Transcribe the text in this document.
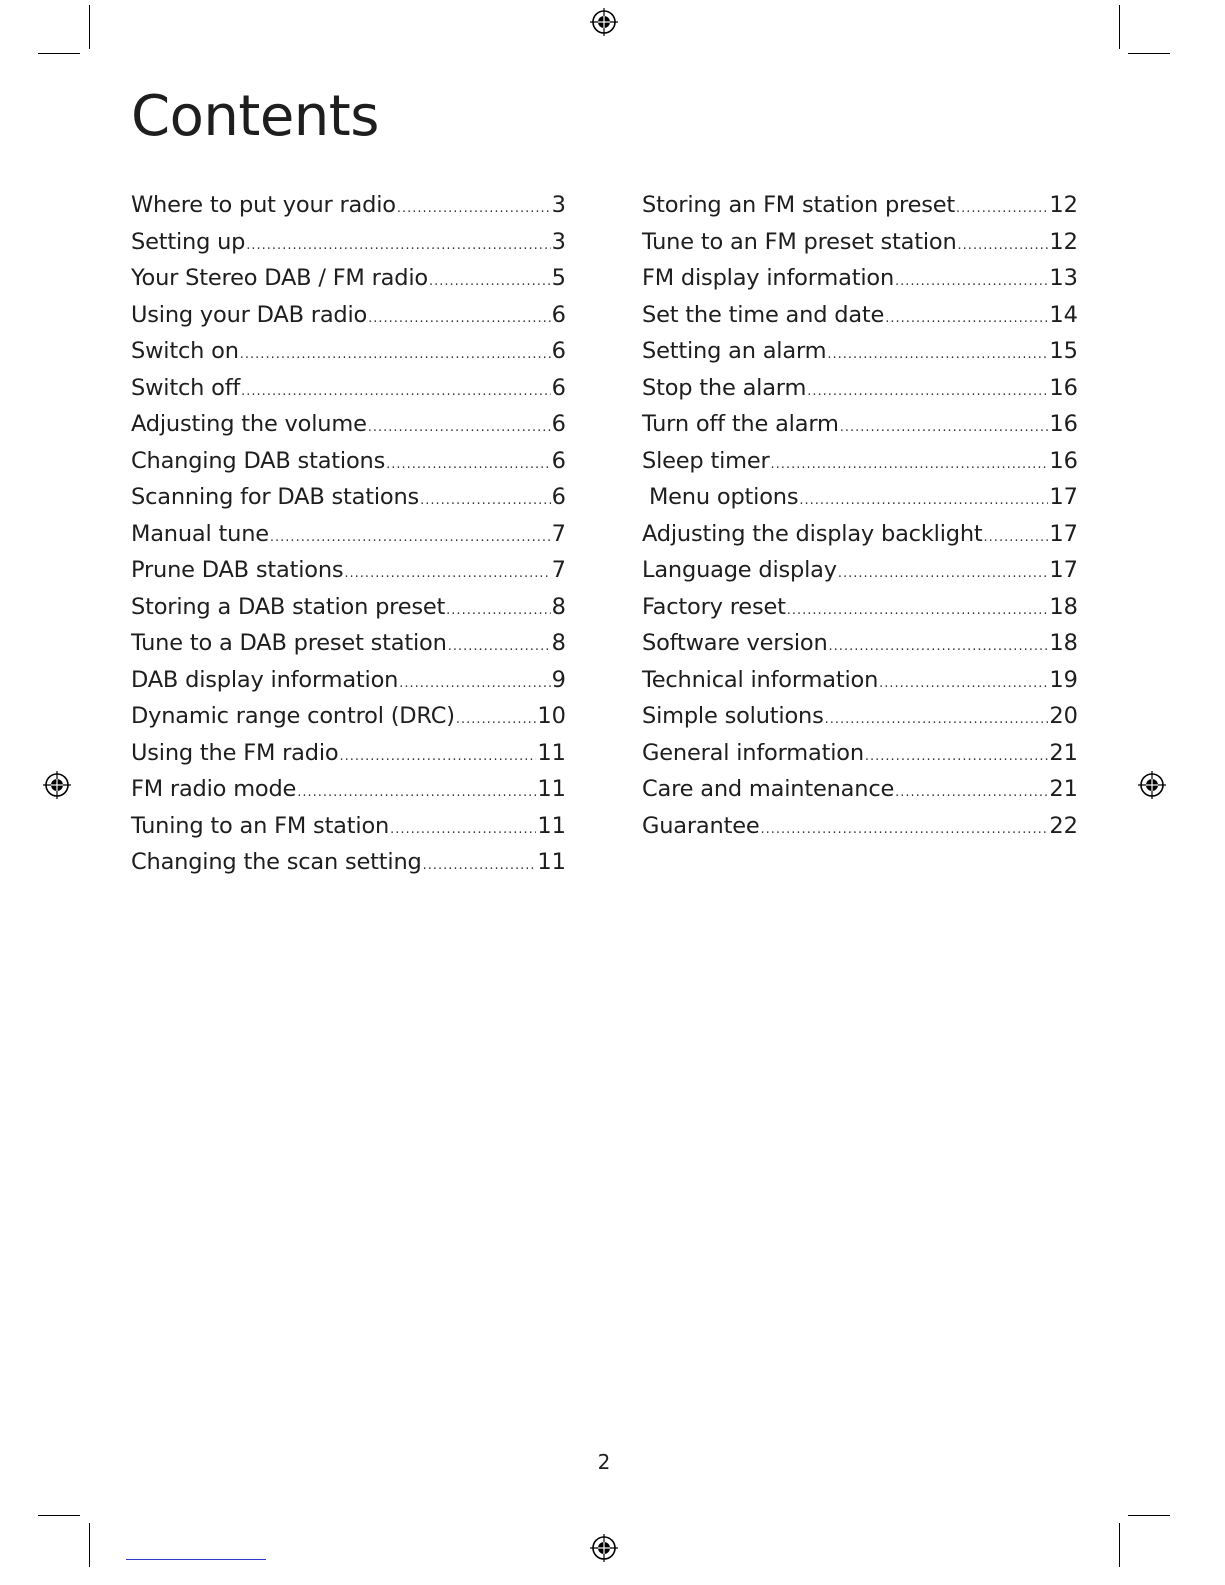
Contents
Where to put your radio .....	3
Setting up .....	3
Your Stereo DAB / FM radio .....	5
Using your DAB radio .....	6
Switch on .....	6
Switch off .....	6
Adjusting the volume .....	6
Changing DAB stations .....	6
Scanning for DAB stations .....	6
Manual tune .....	7
Prune DAB stations .....	7
Storing a DAB station preset .....	8
Tune to a DAB preset station .....	8
DAB display information .....	9
Dynamic range control (DRC) .....	10
Using the FM radio .....	11
FM radio mode .....	11
Tuning to an FM station .....	11
Changing the scan setting .....	11
Storing an FM station preset .....	12
Tune to an FM preset station .....	12
FM display information .....	13
Set the time and date .....	14
Setting an alarm .....	15
Stop the alarm .....	16
Turn off the alarm .....	16
Sleep timer .....	16
Menu options .....	17
Adjusting the display backlight .....	17
Language display .....	17
Factory reset .....	18
Software version .....	18
Technical information .....	19
Simple solutions .....	20
General information .....	21
Care and maintenance .....	21
Guarantee .....	22
2
